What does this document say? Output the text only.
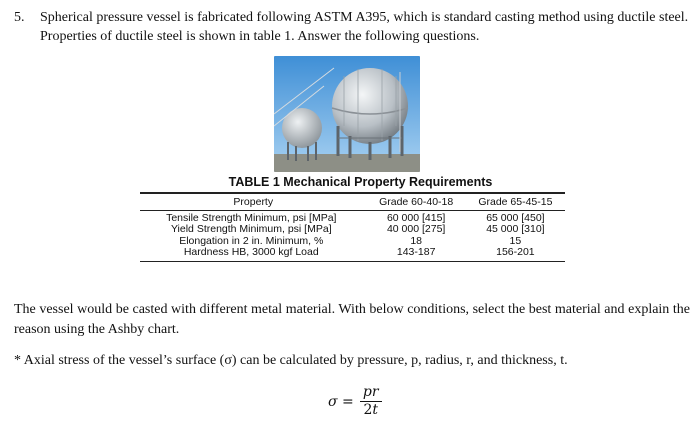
5.	Spherical pressure vessel is fabricated following ASTM A395, which is standard casting method using ductile steel. Properties of ductile steel is shown in table 1. Answer the following questions.
TABLE 1 Mechanical Property Requirements
Property	Grade 60-40-18	Grade 65-45-15
Tensile Strength Minimum, psi [MPa]	60 000 [415]	65 000 [450]
Yield Strength Minimum, psi [MPa]	40 000 [275]	45 000 [310]
Elongation in 2 in. Minimum, %	18	15
Hardness HB, 3000 kgf Load	143-187	156-201
The vessel would be casted with different metal material. With below conditions, select the best material and explain the reason using the Ashby chart.
* Axial stress of the vessel’s surface (σ) can be calculated by pressure, p, radius, r, and thickness, t.
$\sigma = \frac{pr}{2t}$
